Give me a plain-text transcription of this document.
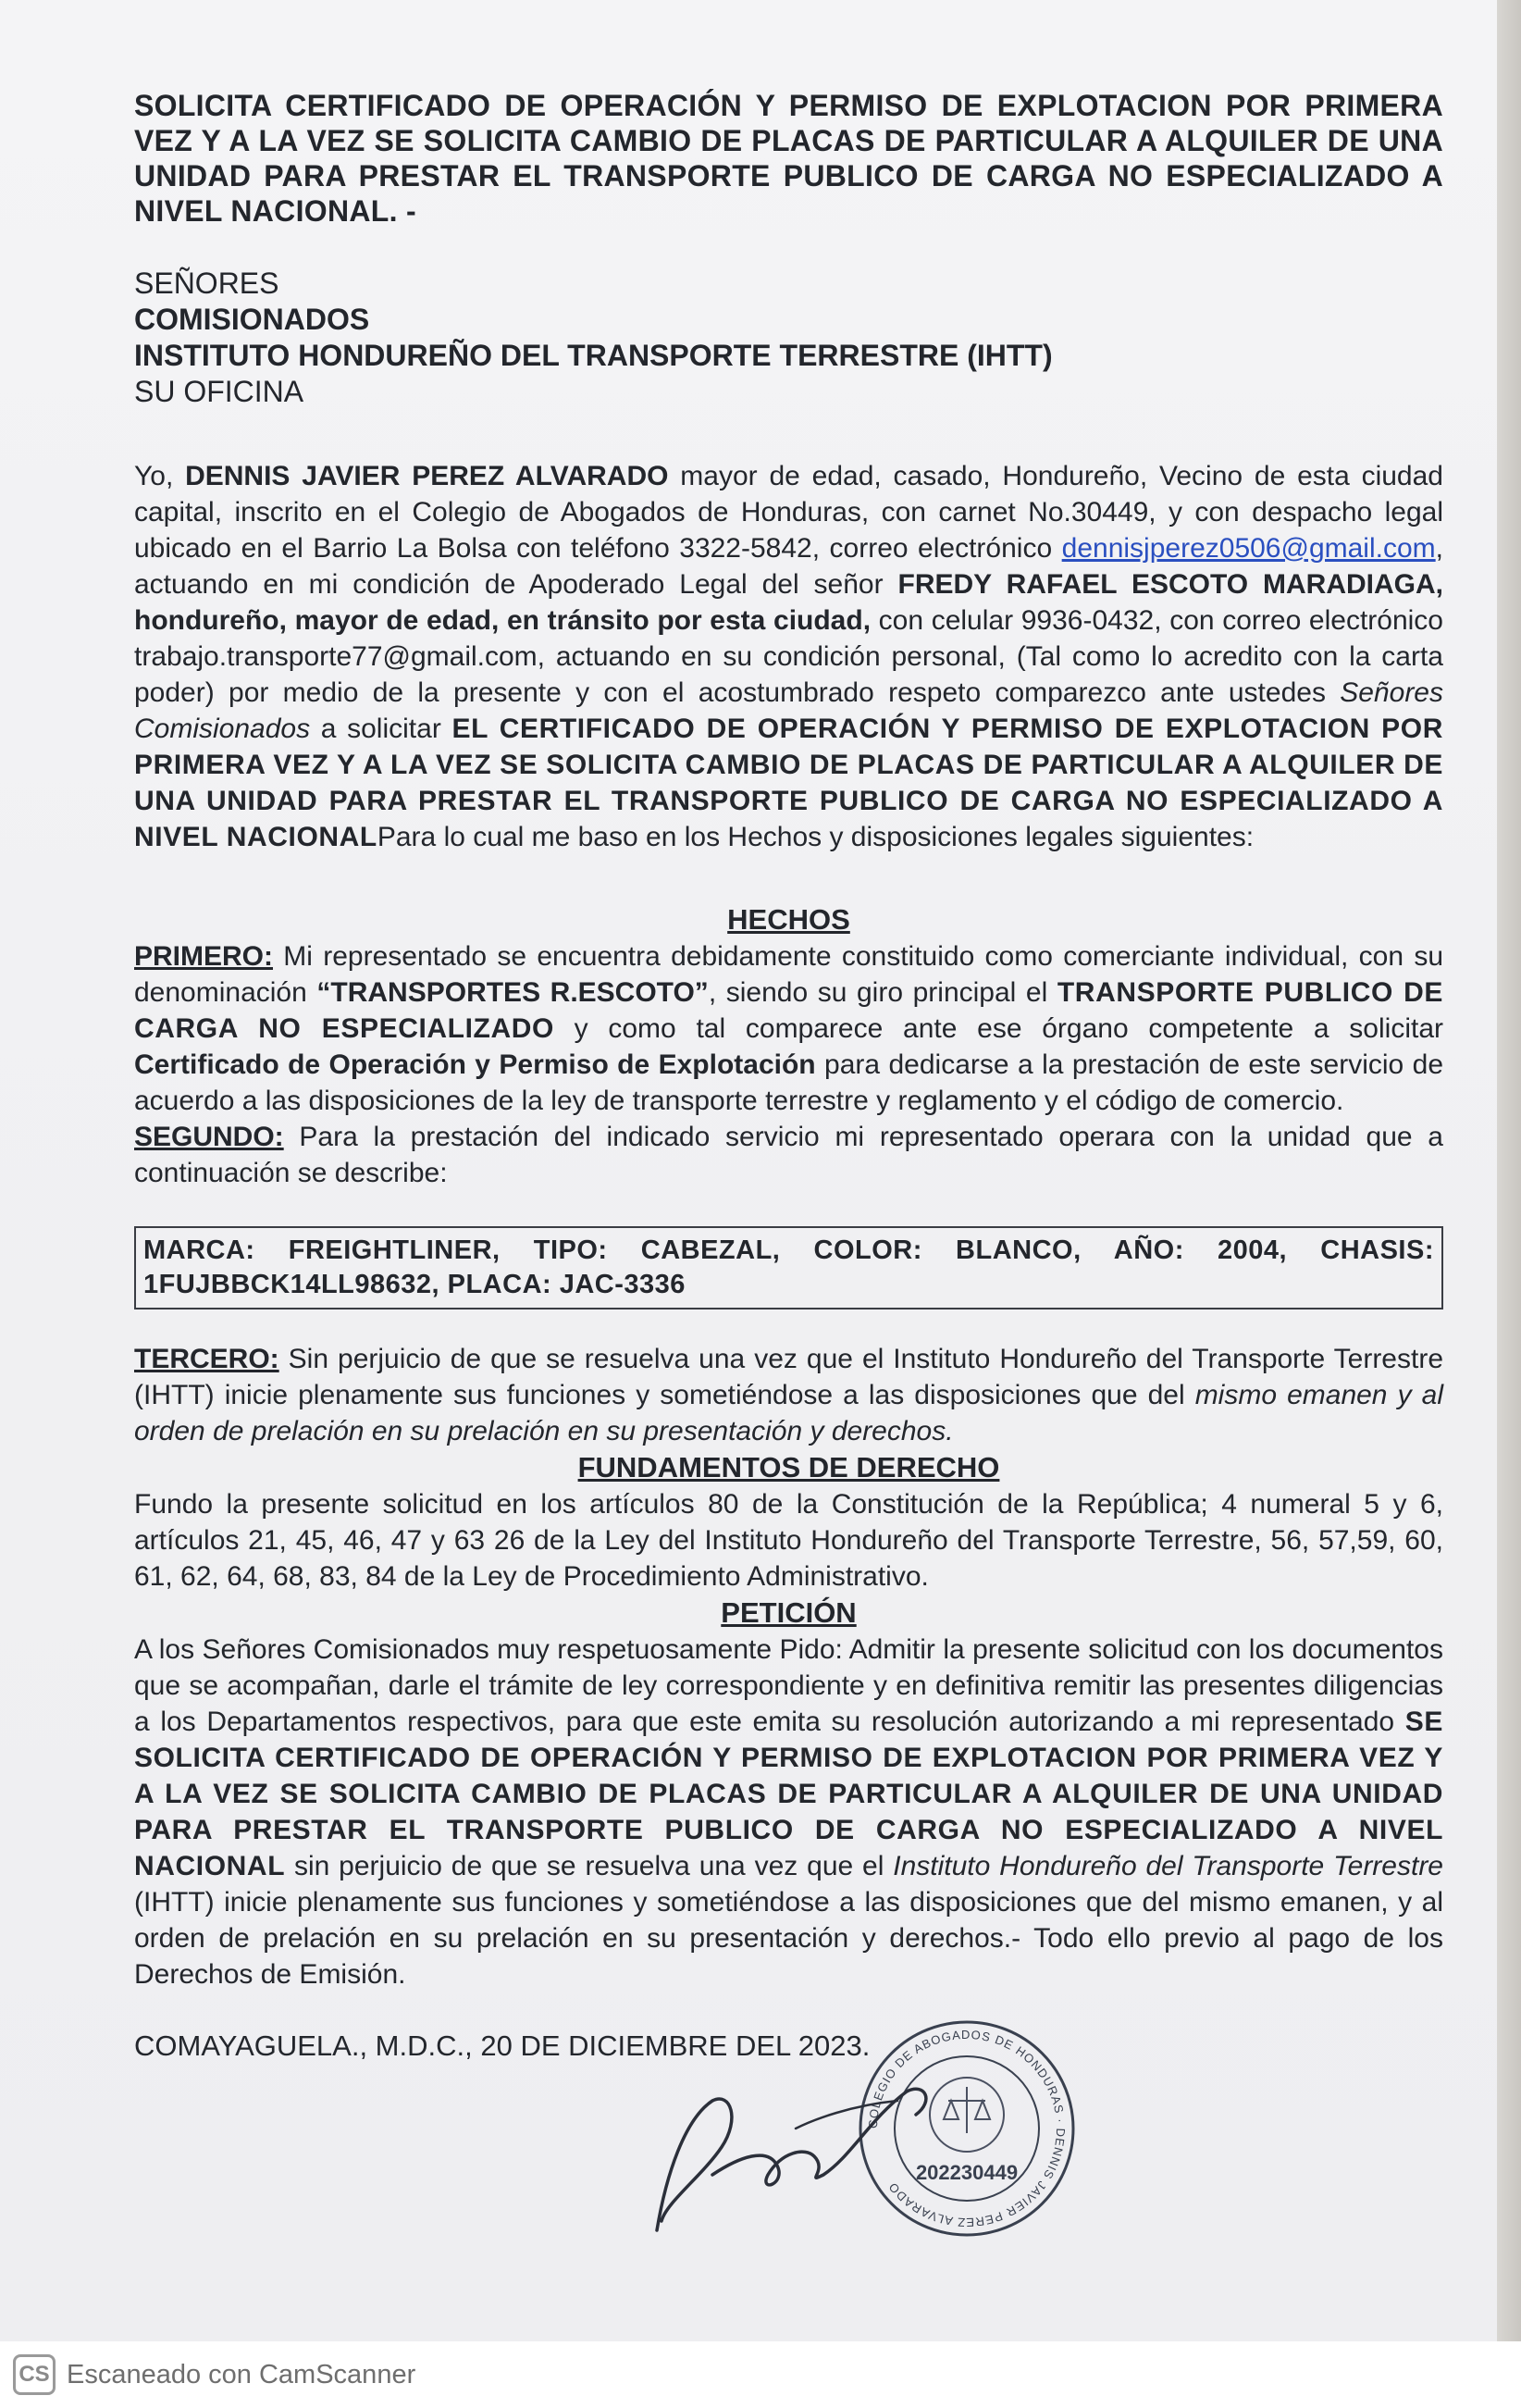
SOLICITA CERTIFICADO DE OPERACIÓN Y PERMISO DE EXPLOTACION POR PRIMERA VEZ Y A LA VEZ SE SOLICITA CAMBIO DE PLACAS DE PARTICULAR A ALQUILER DE UNA UNIDAD PARA PRESTAR EL TRANSPORTE PUBLICO DE CARGA NO ESPECIALIZADO A NIVEL NACIONAL. -
SEÑORES
COMISIONADOS
INSTITUTO HONDUREÑO DEL TRANSPORTE TERRESTRE (IHTT)
SU OFICINA

Yo, DENNIS JAVIER PEREZ ALVARADO mayor de edad, casado, Hondureño, Vecino de esta ciudad capital, inscrito en el Colegio de Abogados de Honduras, con carnet No.30449, y con despacho legal ubicado en el Barrio La Bolsa con teléfono 3322-5842, correo electrónico dennisjperez0506@gmail.com, actuando en mi condición de Apoderado Legal del señor FREDY RAFAEL ESCOTO MARADIAGA, hondureño, mayor de edad, en tránsito por esta ciudad, con celular 9936-0432, con correo electrónico trabajo.transporte77@gmail.com, actuando en su condición personal, (Tal como lo acredito con la carta poder) por medio de la presente y con el acostumbrado respeto comparezco ante ustedes Señores Comisionados a solicitar EL CERTIFICADO DE OPERACIÓN Y PERMISO DE EXPLOTACION POR PRIMERA VEZ Y A LA VEZ SE SOLICITA CAMBIO DE PLACAS DE PARTICULAR A ALQUILER DE UNA UNIDAD PARA PRESTAR EL TRANSPORTE PUBLICO DE CARGA NO ESPECIALIZADO A NIVEL NACIONALPara lo cual me baso en los Hechos y disposiciones legales siguientes:

HECHOS

PRIMERO: Mi representado se encuentra debidamente constituido como comerciante individual, con su denominación “TRANSPORTES R.ESCOTO”, siendo su giro principal el TRANSPORTE PUBLICO DE CARGA NO ESPECIALIZADO y como tal comparece ante ese órgano competente a solicitar Certificado de Operación y Permiso de Explotación para dedicarse a la prestación de este servicio de acuerdo a las disposiciones de la ley de transporte terrestre y reglamento y el código de comercio.

SEGUNDO: Para la prestación del indicado servicio mi representado operara con la unidad que a continuación se describe:

MARCA: FREIGHTLINER, TIPO: CABEZAL, COLOR: BLANCO, AÑO: 2004, CHASIS: 1FUJBBCK14LL98632, PLACA: JAC-3336

TERCERO: Sin perjuicio de que se resuelva una vez que el Instituto Hondureño del Transporte Terrestre (IHTT) inicie plenamente sus funciones y sometiéndose a las disposiciones que del mismo emanen y al orden de prelación en su prelación en su presentación y derechos.

FUNDAMENTOS DE DERECHO

Fundo la presente solicitud en los artículos 80 de la Constitución de la República; 4 numeral 5 y 6, artículos 21, 45, 46, 47 y 63 26 de la Ley del Instituto Hondureño del Transporte Terrestre, 56, 57,59, 60, 61, 62, 64, 68, 83, 84 de la Ley de Procedimiento Administrativo.

PETICIÓN

A los Señores Comisionados muy respetuosamente Pido: Admitir la presente solicitud con los documentos que se acompañan, darle el trámite de ley correspondiente y en definitiva remitir las presentes diligencias a los Departamentos respectivos, para que este emita su resolución autorizando a mi representado SE SOLICITA CERTIFICADO DE OPERACIÓN Y PERMISO DE EXPLOTACION POR PRIMERA VEZ Y A LA VEZ SE SOLICITA CAMBIO DE PLACAS DE PARTICULAR A ALQUILER DE UNA UNIDAD PARA PRESTAR EL TRANSPORTE PUBLICO DE CARGA NO ESPECIALIZADO A NIVEL NACIONAL sin perjuicio de que se resuelva una vez que el Instituto Hondureño del Transporte Terrestre (IHTT) inicie plenamente sus funciones y sometiéndose a las disposiciones que del mismo emanen, y al orden de prelación en su prelación en su presentación y derechos.- Todo ello previo al pago de los Derechos de Emisión.

COMAYAGUELA., M.D.C., 20 DE DICIEMBRE DEL 2023.
202230449
COLEGIO DE ABOGADOS DE HONDURAS · DENNIS JAVIER PEREZ ALVARADO
CS Escaneado con CamScanner
